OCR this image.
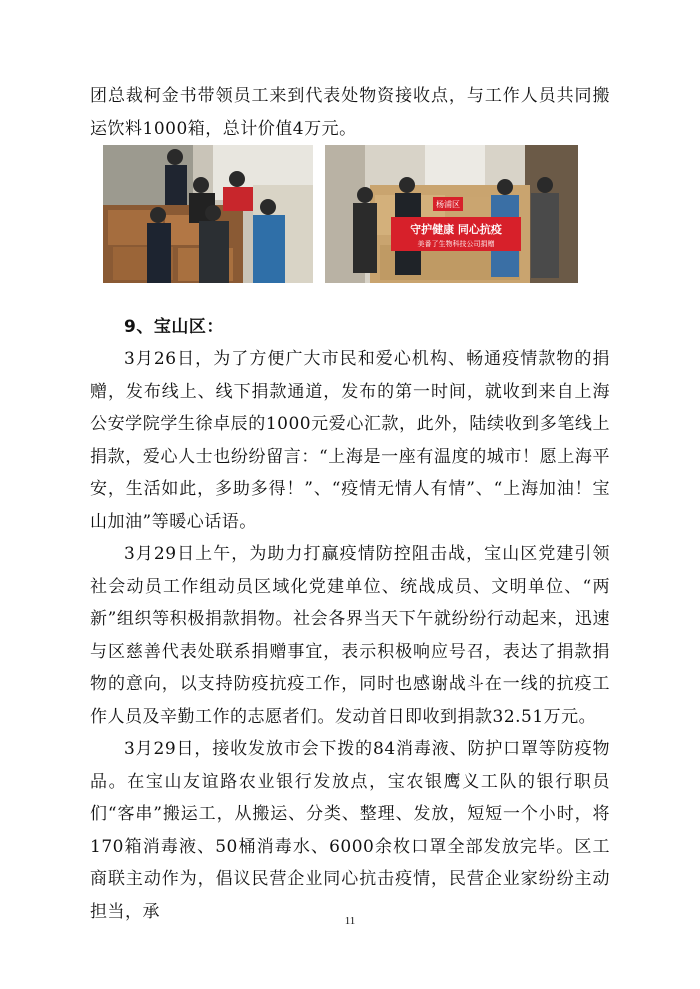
团总裁柯金书带领员工来到代表处物资接收点，与工作人员共同搬运饮料1000箱，总计价值4万元。

杨浦区
守护健康 同心抗疫
美番了生物科技公司捐赠
9、宝山区：

3月26日，为了方便广大市民和爱心机构、畅通疫情款物的捐赠，发布线上、线下捐款通道，发布的第一时间，就收到来自上海公安学院学生徐卓辰的1000元爱心汇款，此外，陆续收到多笔线上捐款，爱心人士也纷纷留言：“上海是一座有温度的城市！愿上海平安，生活如此，多助多得！”、“疫情无情人有情”、“上海加油！宝山加油”等暖心话语。

3月29日上午，为助力打赢疫情防控阻击战，宝山区党建引领社会动员工作组动员区域化党建单位、统战成员、文明单位、“两新”组织等积极捐款捐物。社会各界当天下午就纷纷行动起来，迅速与区慈善代表处联系捐赠事宜，表示积极响应号召，表达了捐款捐物的意向，以支持防疫抗疫工作，同时也感谢战斗在一线的抗疫工作人员及辛勤工作的志愿者们。发动首日即收到捐款32.51万元。

3月29日，接收发放市会下拨的84消毒液、防护口罩等防疫物品。在宝山友谊路农业银行发放点，宝农银鹰义工队的银行职员们“客串”搬运工，从搬运、分类、整理、发放，短短一个小时，将170箱消毒液、50桶消毒水、6000余枚口罩全部发放完毕。区工商联主动作为，倡议民营企业同心抗击疫情，民营企业家纷纷主动担当，承	11
